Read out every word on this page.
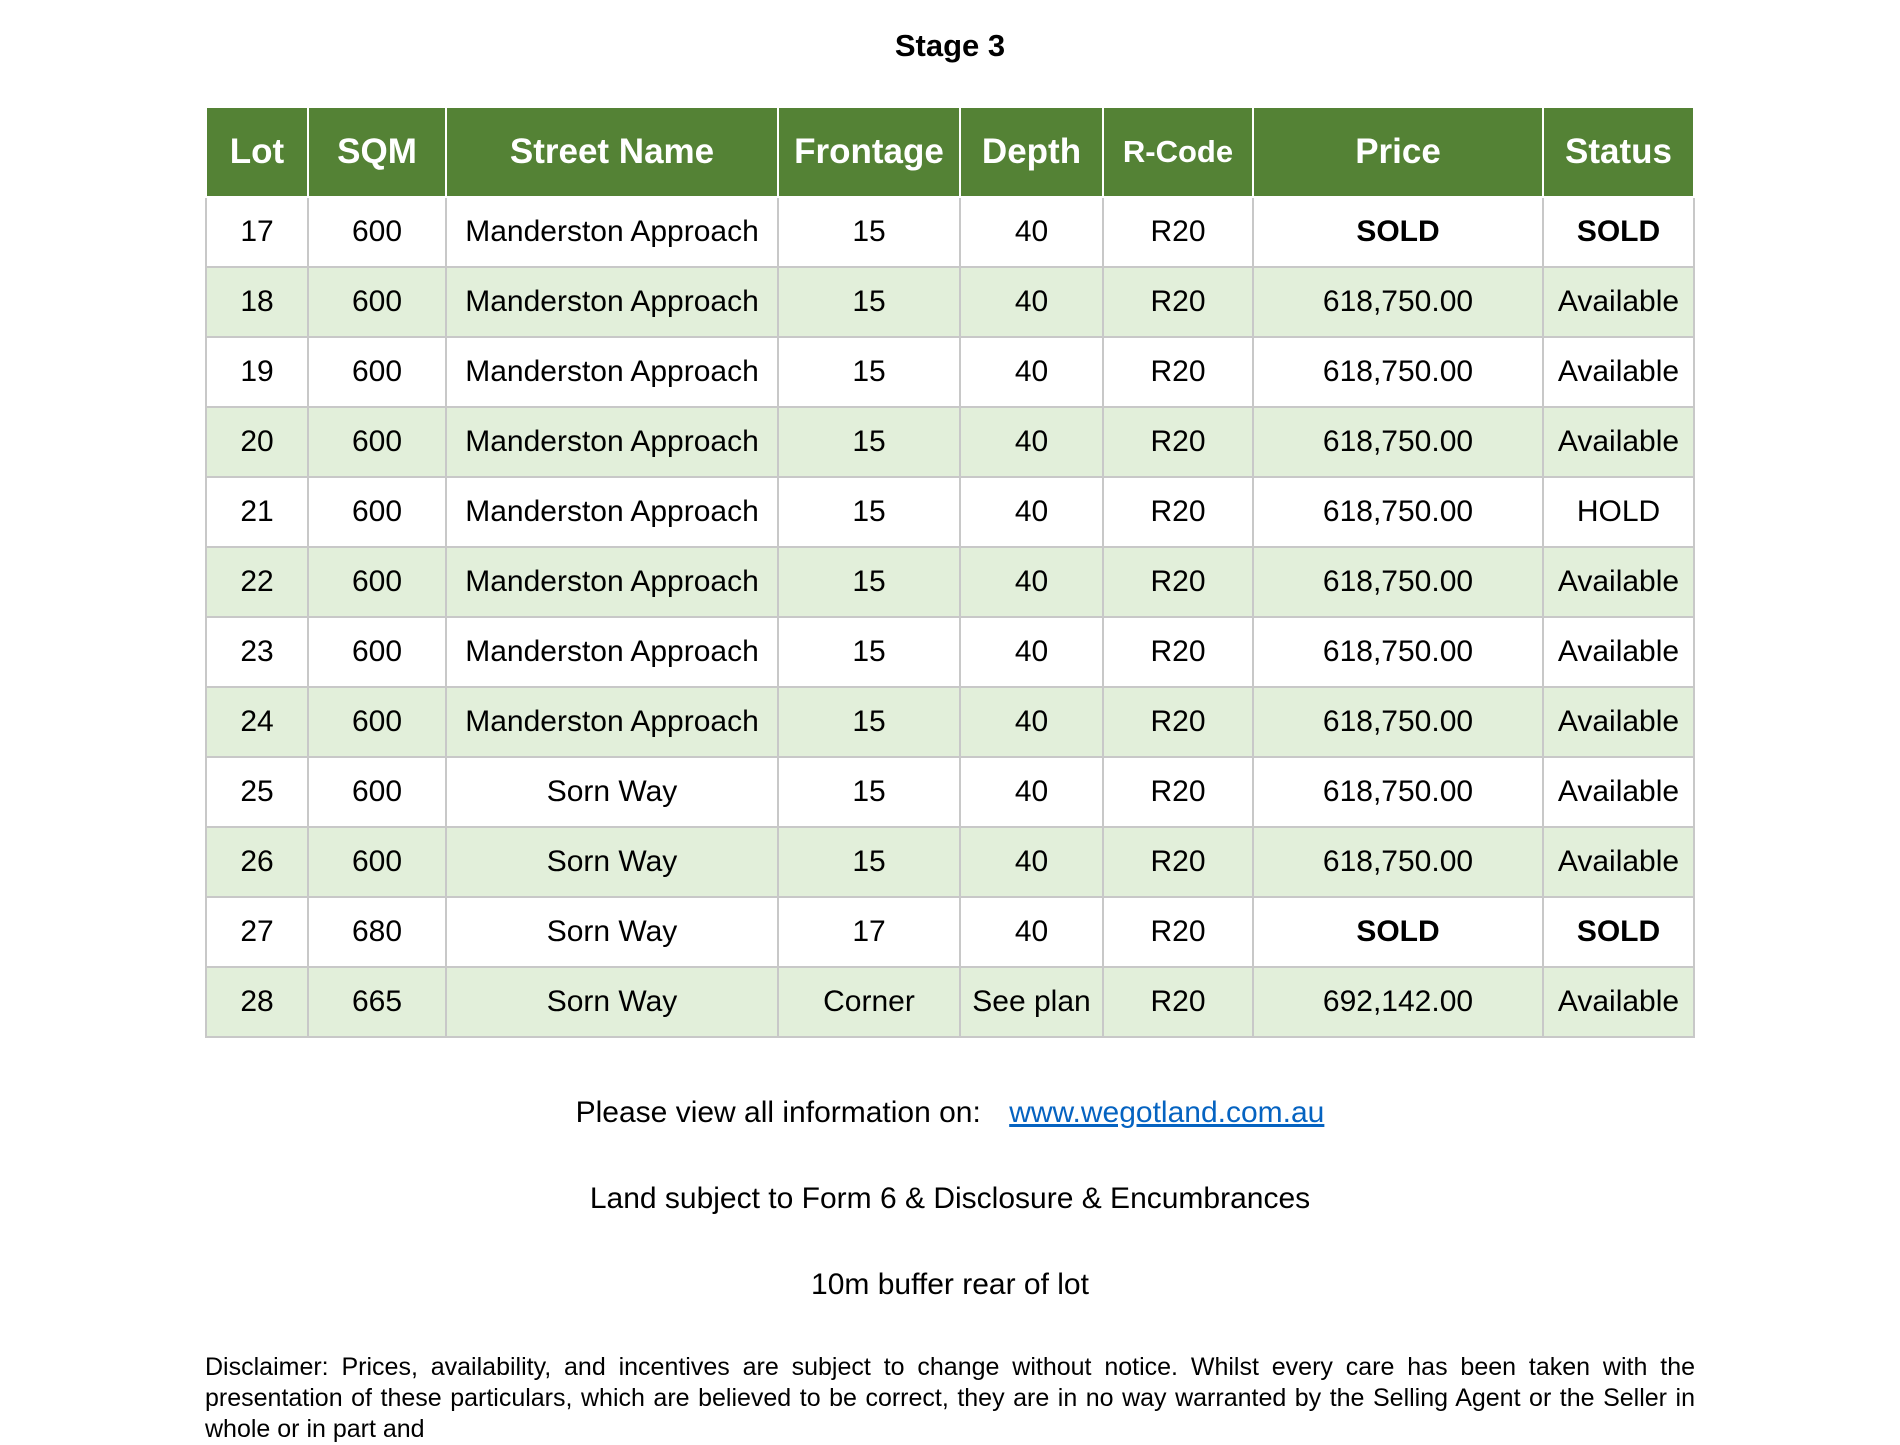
Stage 3
Lot	SQM	Street Name	Frontage	Depth	R-Code	Price	Status
17	600	Manderston Approach	15	40	R20	SOLD	SOLD
18	600	Manderston Approach	15	40	R20	618,750.00	Available
19	600	Manderston Approach	15	40	R20	618,750.00	Available
20	600	Manderston Approach	15	40	R20	618,750.00	Available
21	600	Manderston Approach	15	40	R20	618,750.00	HOLD
22	600	Manderston Approach	15	40	R20	618,750.00	Available
23	600	Manderston Approach	15	40	R20	618,750.00	Available
24	600	Manderston Approach	15	40	R20	618,750.00	Available
25	600	Sorn Way	15	40	R20	618,750.00	Available
26	600	Sorn Way	15	40	R20	618,750.00	Available
27	680	Sorn Way	17	40	R20	SOLD	SOLD
28	665	Sorn Way	Corner	See plan	R20	692,142.00	Available
Please view all information on: www.wegotland.com.au
Land subject to Form 6 & Disclosure & Encumbrances
10m buffer rear of lot

Disclaimer: Prices, availability, and incentives are subject to change without notice. Whilst every care has been taken with the presentation of these particulars, which are believed to be correct, they are in no way warranted by the Selling Agent or the Seller in whole or in part and
